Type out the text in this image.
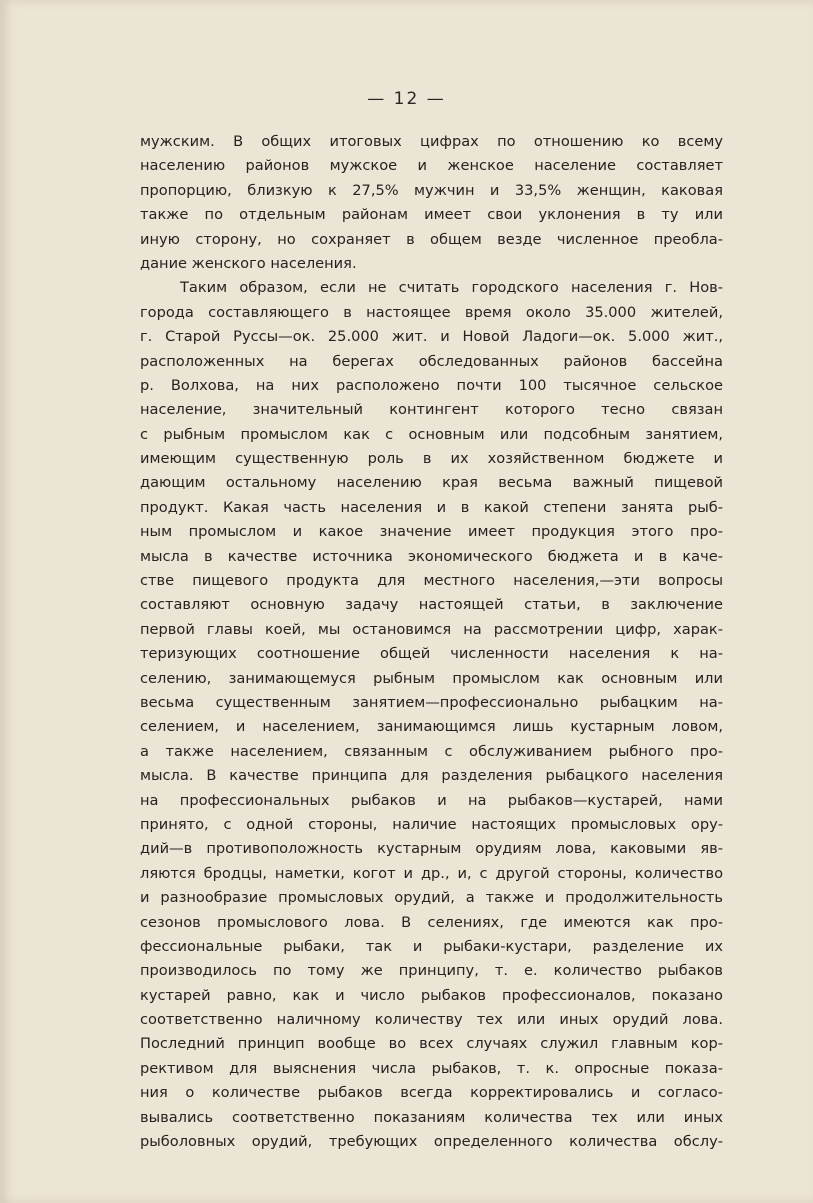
— 12 —
мужским. В общих итоговых цифрах по отношению ко всему
населению районов мужское и женское население составляет
пропорцию, близкую к 27,5% мужчин и 33,5% женщин, каковая
также по отдельным районам имеет свои уклонения в ту или
иную сторону, но сохраняет в общем везде численное преобла-
дание женского населения.
Таким образом, если не считать городского населения г. Нов-
города составляющего в настоящее время около 35.000 жителей,
г. Старой Руссы—ок. 25.000 жит. и Новой Ладоги—ок. 5.000 жит.,
расположенных на берегах обследованных районов бассейна
р. Волхова, на них расположено почти 100 тысячное сельское
население, значительный контингент которого тесно связан
с рыбным промыслом как с основным или подсобным занятием,
имеющим существенную роль в их хозяйственном бюджете и
дающим остальному населению края весьма важный пищевой
продукт. Какая часть населения и в какой степени занята рыб-
ным промыслом и какое значение имеет продукция этого про-
мысла в качестве источника экономического бюджета и в каче-
стве пищевого продукта для местного населения,—эти вопросы
составляют основную задачу настоящей статьи, в заключение
первой главы коей, мы остановимся на рассмотрении цифр, харак-
теризующих соотношение общей численности населения к на-
селению, занимающемуся рыбным промыслом как основным или
весьма существенным занятием—профессионально рыбацким на-
селением, и населением, занимающимся лишь кустарным ловом,
а также населением, связанным с обслуживанием рыбного про-
мысла. В качестве принципа для разделения рыбацкого населения
на профессиональных рыбаков и на рыбаков—кустарей, нами
принято, с одной стороны, наличие настоящих промысловых ору-
дий—в противоположность кустарным орудиям лова, каковыми яв-
ляются бродцы, наметки, когот и др., и, с другой стороны, количество
и разнообразие промысловых орудий, а также и продолжительность
сезонов промыслового лова. В селениях, где имеются как про-
фессиональные рыбаки, так и рыбаки-кустари, разделение их
производилось по тому же принципу, т. е. количество рыбаков
кустарей равно, как и число рыбаков профессионалов, показано
соответственно наличному количеству тех или иных орудий лова.
Последний принцип вообще во всех случаях служил главным кор-
рективом для выяснения числа рыбаков, т. к. опросные показа-
ния о количестве рыбаков всегда корректировались и согласо-
вывались соответственно показаниям количества тех или иных
рыболовных орудий, требующих определенного количества обслу-
